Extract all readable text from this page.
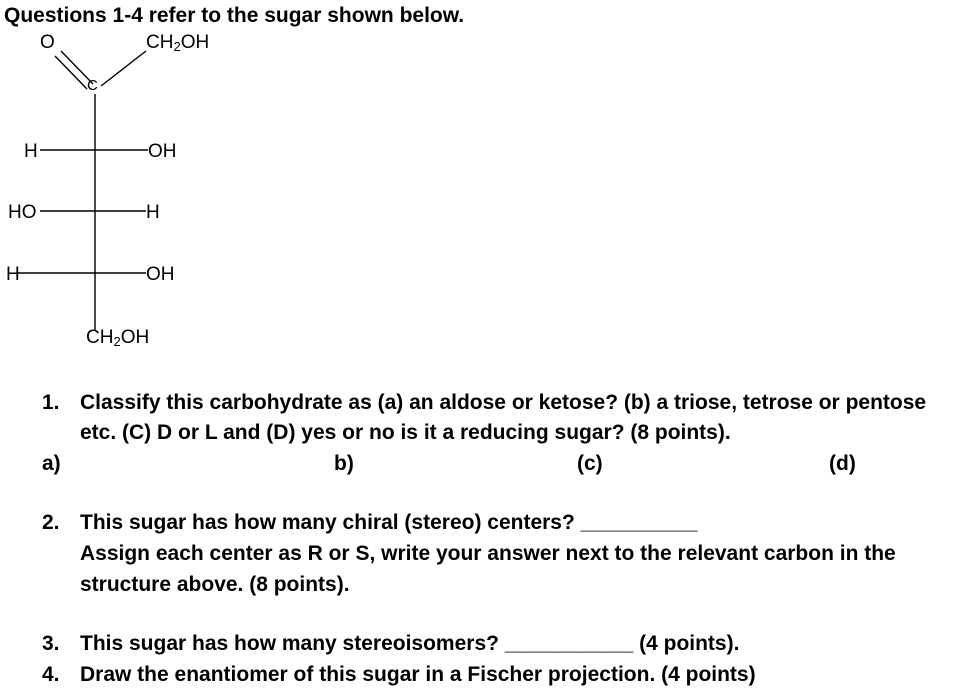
Questions 1-4 refer to the sugar shown below.
O
C
$CH_2OH$
H	OH
HO	H
H	OH
$CH_2OH$
1. Classify this carbohydrate as (a) an aldose or ketose? (b) a triose, tetrose or pentose
etc. (C) D or L and (D) yes or no is it a reducing sugar? (8 points).
a)	b)	(c)	(d)
2. This sugar has how many chiral (stereo) centers? __________
Assign each center as R or S, write your answer next to the relevant carbon in the
structure above. (8 points).
3. This sugar has how many stereoisomers? ___________ (4 points).
4. Draw the enantiomer of this sugar in a Fischer projection. (4 points)
